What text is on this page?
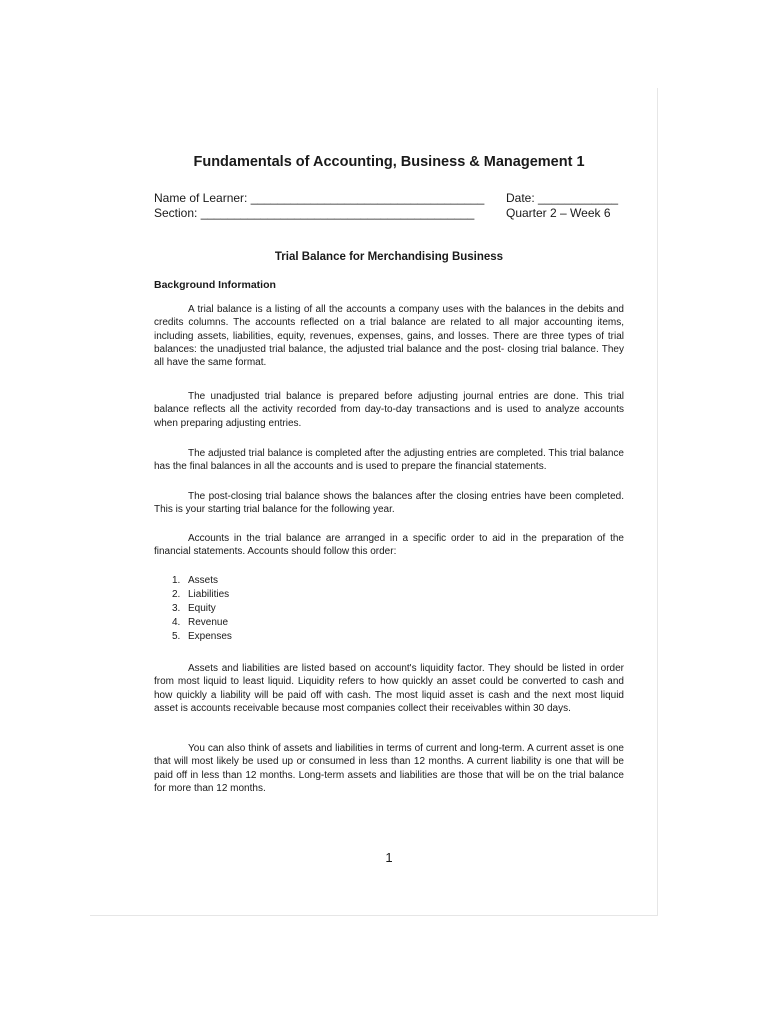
Fundamentals of Accounting, Business & Management 1
Name of Learner: ___________________________________ Date: ____________
Section: _________________________________________	Quarter 2 – Week 6
Trial Balance for Merchandising Business
Background Information

A trial balance is a listing of all the accounts a company uses with the balances in the debits and credits columns. The accounts reflected on a trial balance are related to all major accounting items, including assets, liabilities, equity, revenues, expenses, gains, and losses. There are three types of trial balances: the unadjusted trial balance, the adjusted trial balance and the post- closing trial balance. They all have the same format.

The unadjusted trial balance is prepared before adjusting journal entries are done. This trial balance reflects all the activity recorded from day-to-day transactions and is used to analyze accounts when preparing adjusting entries.

The adjusted trial balance is completed after the adjusting entries are completed. This trial balance has the final balances in all the accounts and is used to prepare the financial statements.

The post-closing trial balance shows the balances after the closing entries have been completed. This is your starting trial balance for the following year.

Accounts in the trial balance are arranged in a specific order to aid in the preparation of the financial statements. Accounts should follow this order:

1. Assets
2. Liabilities
3. Equity
4. Revenue
5. Expenses

Assets and liabilities are listed based on account's liquidity factor. They should be listed in order from most liquid to least liquid. Liquidity refers to how quickly an asset could be converted to cash and how quickly a liability will be paid off with cash. The most liquid asset is cash and the next most liquid asset is accounts receivable because most companies collect their receivables within 30 days.

You can also think of assets and liabilities in terms of current and long-term. A current asset is one that will most likely be used up or consumed in less than 12 months. A current liability is one that will be paid off in less than 12 months. Long-term assets and liabilities are those that will be on the trial balance for more than 12 months.

1
